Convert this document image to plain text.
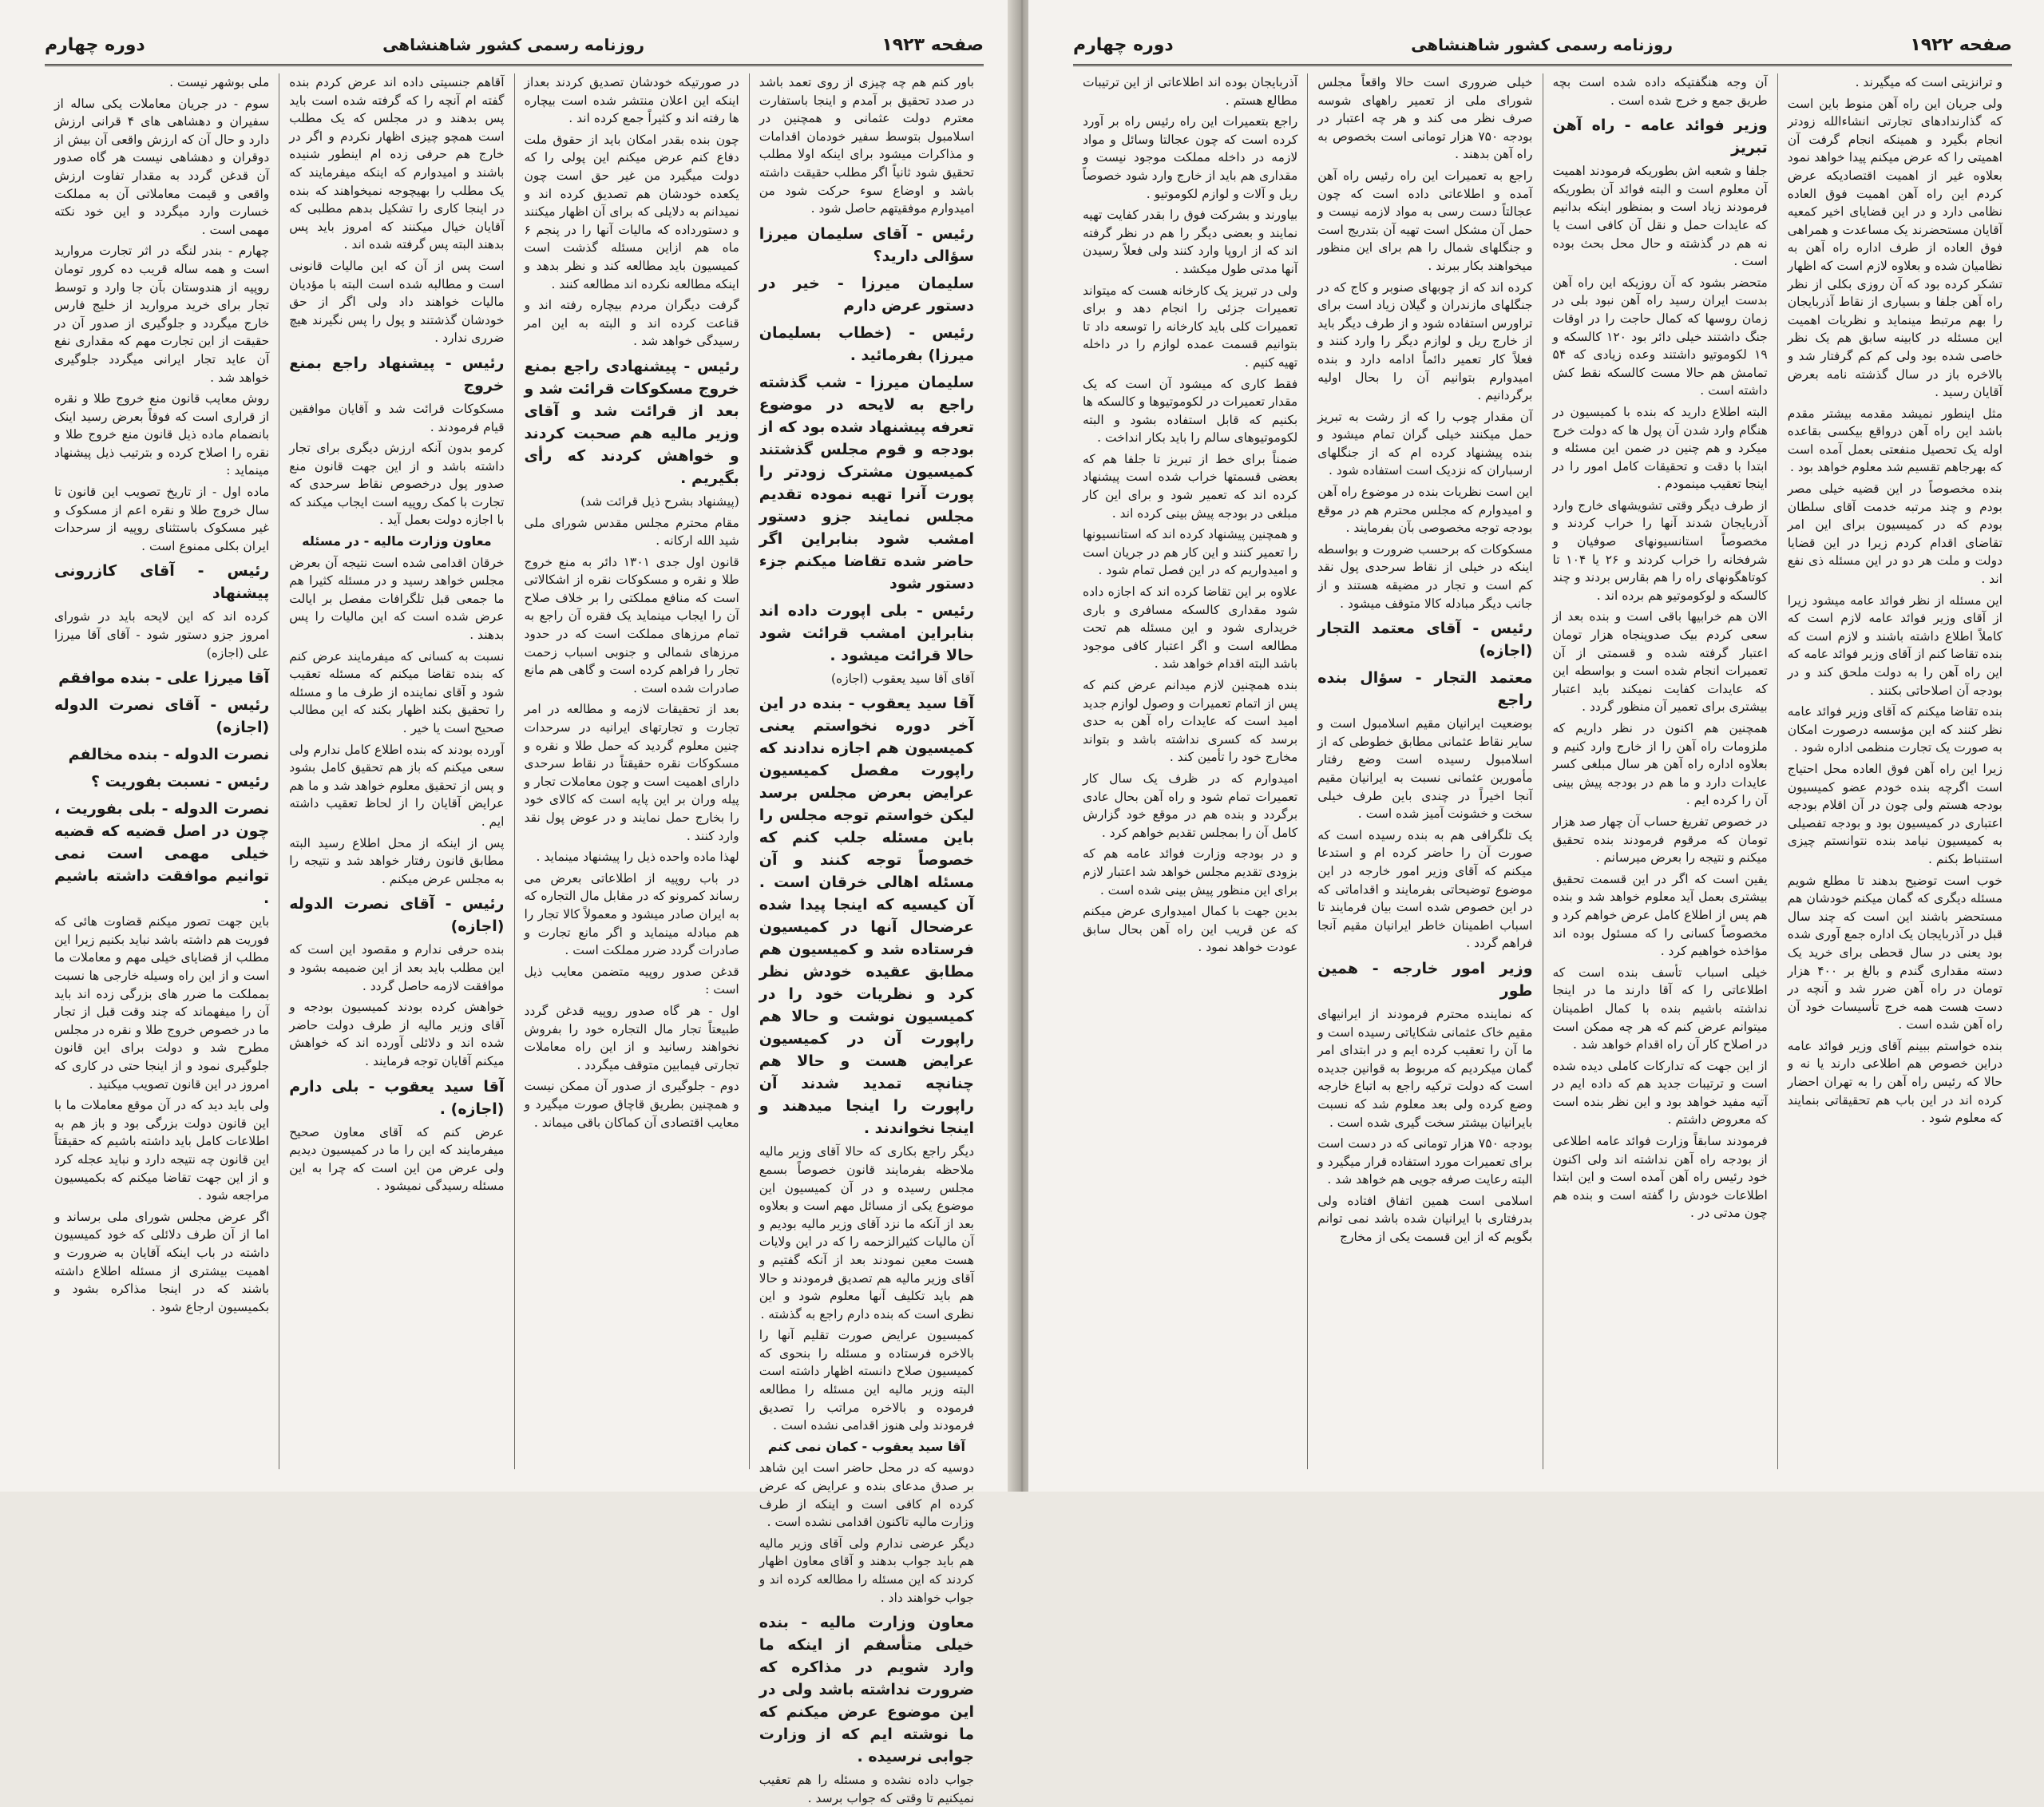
صفحه ۱۹۲۳
روزنامه رسمی کشور شاهنشاهی
دوره چهارم

باور کنم هم چه چیزی از روی تعمد باشد در صدد تحقیق بر آمدم و اینجا باستفارت معترم دولت عثمانی و همچنین در اسلامبول بتوسط سفیر خودمان اقدامات و مذاکرات میشود برای اینکه اولا مطلب تحقیق شود ثانیاً اگر مطلب حقیقت داشته باشد و اوضاع سوء حرکت شود من امیدوارم موفقیتهم حاصل شود .

رئیس - آقای سلیمان میرزا سؤالی دارید؟
سلیمان میرزا - خیر در دستور عرض دارم
رئیس - (خطاب بسلیمان میرزا) بفرمائید .
سلیمان میرزا - شب گذشته راجع به لایحه در موضوع تعرفه پیشنهاد شده بود که از بودجه و قوم مجلس گذشتند کمیسیون مشترک زودتر را پورت آنرا تهیه نموده تقدیم مجلس نمایند جزو دستور امشب شود بنابراین اگر حاضر شده تقاضا میکنم جزء دستور شود
رئیس - بلی اپورت داده اند بنابراین امشب قرائت شود حالا قرائت میشود .

آقای آقا سید یعقوب (اجازه)

آقا سید یعقوب - بنده در این آخر دوره نخواستم یعنی کمیسیون هم اجازه ندادند که راپورت مفصل کمیسیون عرایض بعرض مجلس برسد لیکن خواستم توجه مجلس را باین مسئله جلب کنم که خصوصاً توجه کنند و آن مسئله اهالی خرقان است . آن کیسیه که اینجا پیدا شده عرضحال آنها در کمیسیون فرستاده شد و کمیسیون هم مطابق عقیده خودش نظر کرد و نظریات خود را در کمیسیون نوشت و حالا هم راپورت آن در کمیسیون عرایض هست و حالا هم چنانچه تمدید شدند آن راپورت را اینجا میدهند و اینجا نخواندند .

دیگر راجع بکاری که حالا آقای وزیر مالیه ملاحظه بفرمایند قانون خصوصاً بسمع مجلس رسیده و در آن کمیسیون این موضوع یکی از مسائل مهم است و بعلاوه بعد از آنکه ما نزد آقای وزیر مالیه بودیم و آن مالیات کثیرالزحمه را که در این ولایات هست معین نمودند بعد از آنکه گفتیم و آقای وزیر مالیه هم تصدیق فرمودند و حالا هم باید تکلیف آنها معلوم شود و این نظری است که بنده دارم راجع به گذشته .

کمیسیون عرایض صورت تقلیم آنها را بالاخره فرستاده و مسئله را بنحوی که کمیسیون صلاح دانسته اظهار داشته است البته وزیر مالیه این مسئله را مطالعه فرموده و بالاخره مراتب را تصدیق فرمودند ولی هنوز اقدامی نشده است .

آقا سید یعقوب - کمان نمی کنم

دوسیه که در محل حاضر است این شاهد بر صدق مدعای بنده و عرایض که عرض کرده ام کافی است و اینکه از طرف وزارت مالیه تاکنون اقدامی نشده است .

دیگر عرضی ندارم ولی آقای وزیر مالیه هم باید جواب بدهند و آقای معاون اظهار کردند که این مسئله را مطالعه کرده اند و جواب خواهند داد .

معاون وزارت مالیه - بنده خیلی متأسفم از اینکه ما وارد شویم در مذاکره که ضرورت نداشته باشد ولی در این موضوع عرض میکنم که ما نوشته ایم که از وزارت جوابی نرسیده .

جواب داده نشده و مسئله را هم تعقیب نمیکنیم تا وقتی که جواب برسد .

در صورتیکه خودشان تصدیق کردند بعداز اینکه این اعلان منتشر شده است بیچاره ها رفته اند و کثیراً جمع کرده اند .

چون بنده بقدر امکان باید از حقوق ملت دفاع کنم عرض میکنم این پولی را که دولت میگیرد من غیر حق است چون یکعده خودشان هم تصدیق کرده اند و نمیدانم به دلایلی که برای آن اظهار میکنند و دستورداده که مالیات آنها را در پنجم ۶ ماه هم ازاین مسئله گذشت است کمیسیون باید مطالعه کند و نظر بدهد و اینکه مطالعه نکرده اند مطالعه کنند .

گرفت دیگران مردم بیچاره رفته اند و قناعت کرده اند و البته به این امر رسیدگی خواهد شد .

رئیس - پیشنهادی راجع بمنع خروج مسکوکات قرائت شد و بعد از قرائت شد و آقای وزیر مالیه هم صحبت کردند و خواهش کردند که رأی بگیریم .

(پیشنهاد بشرح ذیل قرائت شد)

مقام محترم مجلس مقدس شورای ملی شید الله ارکانه .

قانون اول جدی ۱۳۰۱ دائر به منع خروج طلا و نقره و مسکوکات نقره از اشکالاتی است که منافع مملکتی را بر خلاف صلاح آن را ایجاب مینماید یک فقره آن راجع به تمام مرزهای مملکت است که در حدود مرزهای شمالی و جنوبی اسباب زحمت تجار را فراهم کرده است و گاهی هم مانع صادرات شده است .

بعد از تحقیقات لازمه و مطالعه در امر تجارت و تجارتهای ایرانیه در سرحدات چنین معلوم گردید که حمل طلا و نقره و مسکوکات نقره حقیقتاً در نقاط سرحدی دارای اهمیت است و چون معاملات تجار و پیله وران بر این پایه است که کالای خود را بخارج حمل نمایند و در عوض پول نقد وارد کنند .

لهذا ماده واحده ذیل را پیشنهاد مینماید .

در باب روپیه از اطلاعاتی بعرض می رساند کمرونو که در مقابل مال التجاره که به ایران صادر میشود و معمولاً کالا تجار را هم مبادله مینماید و اگر مانع تجارت و صادرات گردد ضرر مملکت است .

قدغن صدور روپیه متضمن معایب ذیل است :

اول - هر گاه صدور روپیه قدغن گردد طبیعتاً تجار مال التجاره خود را بفروش نخواهند رسانید و از این راه معاملات تجارتی فیمابین متوقف میگردد .

دوم - جلوگیری از صدور آن ممکن نیست و همچنین بطریق قاچاق صورت میگیرد و معایب اقتصادی آن کماکان باقی میماند .

آقاهم جنسیتی داده اند عرض کردم بنده گفته ام آنچه را که گرفته شده است باید پس بدهند و در مجلس که یک مطلب است همچو چیزی اظهار نکردم و اگر در خارج هم حرفی زده ام اینطور شنیده باشند و امیدوارم که اینکه میفرمایند که یک مطلب را بهیچوجه نمیخواهند که بنده در اینجا کاری را تشکیل بدهم مطلبی که آقایان خیال میکنند که امروز باید پس بدهند البته پس گرفته شده اند .

است پس از آن که این مالیات قانونی است و مطالبه شده است البته با مؤدیان مالیات خواهند داد ولی اگر از حق خودشان گذشتند و پول را پس نگیرند هیچ ضرری ندارد .

رئیس - پیشنهاد راجع بمنع خروج

مسکوکات قرائت شد و آقایان موافقین قیام فرمودند .

کرمو بدون آنکه ارزش دیگری برای تجار داشته باشد و از این جهت قانون منع صدور پول درخصوص نقاط سرحدی که تجارت با کمک روپیه است ایجاب میکند که با اجازه دولت بعمل آید .

معاون وزارت مالیه - در مسئله

خرقان اقدامی شده است نتیجه آن بعرض مجلس خواهد رسید و در مسئله کثیرا هم ما جمعی قبل تلگرافات مفصل بر ایالت عرض شده است که این مالیات را پس بدهند .

نسبت به کسانی که میفرمایند عرض کنم که بنده تقاضا میکنم که مسئله تعقیب شود و آقای نماینده از طرف ما و مسئله را تحقیق بکند اظهار بکند که این مطالب صحیح است یا خیر .

آورده بودند که بنده اطلاع کامل ندارم ولی سعی میکنم که باز هم تحقیق کامل بشود و پس از تحقیق معلوم خواهد شد و ما هم عرایض آقایان را از لحاظ تعقیب داشته ایم .

پس از اینکه از محل اطلاع رسید البته مطابق قانون رفتار خواهد شد و نتیجه را به مجلس عرض میکنم .

رئیس - آقای نصرت الدوله (اجازه)

بنده حرفی ندارم و مقصود این است که این مطلب باید بعد از این ضمیمه بشود و موافقت لازمه حاصل گردد .

خواهش کرده بودند کمیسیون بودجه و آقای وزیر مالیه از طرف دولت حاضر شده اند و دلائلی آورده اند که خواهش میکنم آقایان توجه فرمایند .

آقا سید یعقوب - بلی دارم (اجازه) .

عرض کنم که آقای معاون صحیح میفرمایند که این را ما در کمیسیون دیدیم ولی عرض من این است که چرا به این مسئله رسیدگی نمیشود .

ملی بوشهر نیست .

سوم - در جریان معاملات یکی ساله از سفیران و دهشاهی های ۴ قرانی ارزش دارد و حال آن که ارزش واقعی آن بیش از دوقران و دهشاهی نیست هر گاه صدور آن قدغن گردد به مقدار تفاوت ارزش واقعی و قیمت معاملاتی آن به مملکت خسارت وارد میگردد و این خود نکته مهمی است .

چهارم - بندر لنگه در اثر تجارت مروارید است و همه ساله قریب ده کرور تومان روپیه از هندوستان بآن جا وارد و توسط تجار برای خرید مروارید از خلیج فارس خارج میگردد و جلوگیری از صدور آن در حقیقت از این تجارت مهم که مقداری نفع آن عاید تجار ایرانی میگردد جلوگیری خواهد شد .

روش معایب قانون منع خروج طلا و نقره از قراری است که فوقاً بعرض رسید اینک بانضمام ماده ذیل قانون منع خروج طلا و نقره را اصلاح کرده و بترتیب ذیل پیشنهاد مینماید :

ماده اول - از تاریخ تصویب این قانون تا سال خروج طلا و نقره اعم از مسکوک و غیر مسکوک باستثنای روپیه از سرحدات ایران بکلی ممنوع است .

رئیس - آقای کازرونی پیشنهاد

کرده اند که این لایحه باید در شورای امروز جزو دستور شود - آقای آقا میرزا علی (اجازه)

آقا میرزا علی - بنده موافقم
رئیس - آقای نصرت الدوله (اجازه)
نصرت الدوله - بنده مخالفم
رئیس - نسبت بفوریت ؟
نصرت الدوله - بلی بفوریت ، چون در اصل قضیه که قضیه خیلی مهمی است نمی توانیم موافقت داشته باشیم .

باین جهت تصور میکنم قضاوت هائی که فوریت هم داشته باشد نباید بکنیم زیرا این مطلب از قضایای خیلی مهم و معاملات ما است و از این راه وسیله خارجی ها نسبت بمملکت ما ضرر های بزرگی زده اند باید آن را میفهماند که چند وقت قبل از تجار ما در خصوص خروج طلا و نقره در مجلس مطرح شد و دولت برای این قانون جلوگیری نمود و از اینجا حتی در کاری که امروز در این قانون تصویب میکنید .

ولی باید دید که در آن موقع معاملات ما با این قانون دولت بزرگی بود و باز هم به اطلاعات کامل باید داشته باشیم که حقیقتاً این قانون چه نتیجه دارد و نباید عجله کرد و از این جهت تقاضا میکنم که بکمیسیون مراجعه شود .

اگر عرض مجلس شورای ملی برساند و اما از آن طرف دلائلی که خود کمیسیون داشته در باب اینکه آقایان به ضرورت و اهمیت بیشتری از مسئله اطلاع داشته باشند که در اینجا مذاکره بشود و بکمیسیون ارجاع شود .

صفحه ۱۹۲۲
روزنامه رسمی کشور شاهنشاهی
دوره چهارم

و ترانزیتی است که میگیرند .

ولی جریان این راه آهن منوط باین است که گذارندادهای تجارتی انشاءالله زودتر انجام بگیرد و همینکه انجام گرفت آن اهمیتی را که عرض میکنم پیدا خواهد نمود بعلاوه غیر از اهمیت اقتصادیکه عرض کردم این راه آهن اهمیت فوق العاده نظامی دارد و در این قضایای اخیر کمعیه آقایان مستحضرند یک مساعدت و همراهی فوق العاده از طرف اداره راه آهن به نظامیان شده و بعلاوه لازم است که اظهار تشکر کرده بود که آن روزی بکلی از نظر راه آهن جلفا و بسیاری از نقاط آذربایجان را بهم مرتبط مینماید و نظریات اهمیت این مسئله در کابینه سابق هم یک نظر خاصی شده بود ولی کم کم گرفتار شد و بالاخره باز در سال گذشته نامه بعرض آقایان رسید .

مثل اینطور نمیشد مقدمه بیشتر مقدم باشد این راه آهن درواقع بیکسی بقاعده اوله یک تحصیل منفعتی بعمل آمده است که بهرجاهم تقسیم شد معلوم خواهد بود .

بنده مخصوصاً در این قضیه خیلی مصر بودم و چند مرتبه خدمت آقای سلطان بودم که در کمیسیون برای این امر تقاضای اقدام کردم زیرا در این قضایا دولت و ملت هر دو در این مسئله ذی نفع اند .

این مسئله از نظر فوائد عامه میشود زیرا از آقای وزیر فوائد عامه لازم است که کاملاً اطلاع داشته باشند و لازم است که بنده تقاضا کنم از آقای وزیر فوائد عامه که این راه آهن را به دولت ملحق کند و در بودجه آن اصلاحاتی بکنند .

بنده تقاضا میکنم که آقای وزیر فوائد عامه نظر کنند که این مؤسسه درصورت امکان به صورت یک تجارت منظمی اداره شود .

زیرا این راه آهن فوق العاده محل احتیاج است اگرچه بنده خودم عضو کمیسیون بودجه هستم ولی چون در آن اقلام بودجه اعتباری در کمیسیون بود و بودجه تفصیلی به کمیسیون نیامد بنده نتوانستم چیزی استنباط بکنم .

خوب است توضیح بدهند تا مطلع شویم مسئله دیگری که گمان میکنم خودشان هم مستحضر باشند این است که چند سال قبل در آذربایجان یک اداره جمع آوری شده بود یعنی در سال قحطی برای خرید یک دسته مقداری گندم و بالغ بر ۴۰۰ هزار تومان در راه آهن ضرر شد و آنچه در دست هست همه خرج تأسیسات خود آن راه آهن شده است .

بنده خواستم ببینم آقای وزیر فوائد عامه دراین خصوص هم اطلاعی دارند یا نه و حالا که رئیس راه آهن را به تهران احضار کرده اند در این باب هم تحقیقاتی بنمایند که معلوم شود .

آن وجه هنگفتیکه داده شده است بچه طریق جمع و خرج شده است .

وزیر فوائد عامه - راه آهن تبریز

جلفا و شعبه اش بطوریکه فرمودند اهمیت آن معلوم است و البته فوائد آن بطوریکه فرمودند زیاد است و بمنظور اینکه بدانیم که عایدات حمل و نقل آن کافی است یا نه هم در گذشته و حال محل بحث بوده است .

متحضر بشود که آن روزیکه این راه آهن بدست ایران رسید راه آهن نبود بلی در زمان روسها که کمال حاجت را در اوقات جنگ داشتند خیلی دائر بود ۱۲۰ کالسکه و ۱۹ لکوموتیو داشتند وعده زیادی که ۵۴ تمامش هم حالا مست کالسکه نقط کش داشته است .

البته اطلاع دارید که بنده با کمیسیون در هنگام وارد شدن آن پول ها که دولت خرج میکرد و هم چنین در ضمن این مسئله و ابتدا با دقت و تحقیقات کامل امور را در اینجا تعقیب مینمودم .

از طرف دیگر وقتی تشویشهای خارج وارد آذربایجان شدند آنها را خراب کردند و مخصوصاً استانسیونهای صوفیان و شرفخانه را خراب کردند و ۲۶ یا ۱۰۴ تا کوتاهگونهای راه را هم بقارس بردند و چند کالسکه و لوکوموتیو هم برده اند .

الان هم خرابیها باقی است و بنده بعد از سعی کردم بیک صدوپنجاه هزار تومان اعتبار گرفته شده و قسمتی از آن تعمیرات انجام شده است و بواسطه این که عایدات کفایت نمیکند باید اعتبار بیشتری برای تعمیر آن منظور گردد .

همچنین هم اکنون در نظر داریم که ملزومات راه آهن را از خارج وارد کنیم و بعلاوه اداره راه آهن هر سال مبلغی کسر عایدات دارد و ما هم در بودجه پیش بینی آن را کرده ایم .

در خصوص تفریغ حساب آن چهار صد هزار تومان که مرقوم فرمودند بنده تحقیق میکنم و نتیجه را بعرض میرسانم .

یقین است که اگر در این قسمت تحقیق بیشتری بعمل آید معلوم خواهد شد و بنده هم پس از اطلاع کامل عرض خواهم کرد و مخصوصاً کسانی را که مسئول بوده اند مؤاخذه خواهیم کرد .

خیلی اسباب تأسف بنده است که اطلاعاتی را که آقا دارند ما در اینجا نداشته باشیم بنده با کمال اطمینان میتوانم عرض کنم که هر چه ممکن است در اصلاح کار آن راه اقدام خواهد شد .

از این جهت که تدارکات کاملی دیده شده است و ترتیبات جدید هم که داده ایم در آتیه مفید خواهد بود و این نظر بنده است که معروض داشتم .

فرمودند سابقاً وزارت فوائد عامه اطلاعی از بودجه راه آهن نداشته اند ولی اکنون خود رئیس راه آهن آمده است و این ابتدا اطلاعات خودش را گفته است و بنده هم چون مدتی در .

خیلی ضروری است حالا واقعاً مجلس شورای ملی از تعمیر راههای شوسه صرف نظر می کند و هر چه اعتبار در بودجه ۷۵۰ هزار تومانی است بخصوص به راه آهن بدهند .

راجع به تعمیرات این راه رئیس راه آهن آمده و اطلاعاتی داده است که چون عجالتاً دست رسی به مواد لازمه نیست و حمل آن مشکل است تهیه آن بتدریج است و جنگلهای شمال را هم برای این منظور میخواهند بکار ببرند .

کرده اند که از چوبهای صنوبر و کاج که در جنگلهای مازندران و گیلان زیاد است برای تراورس استفاده شود و از طرف دیگر باید از خارج ریل و لوازم دیگر را وارد کنند و فعلاً کار تعمیر دائماً ادامه دارد و بنده امیدوارم بتوانیم آن را بحال اولیه برگردانیم .

آن مقدار چوب را که از رشت به تبریز حمل میکنند خیلی گران تمام میشود و بنده پیشنهاد کرده ام که از جنگلهای ارسباران که نزدیک است استفاده شود .

این است نظریات بنده در موضوع راه آهن و امیدوارم که مجلس محترم هم در موقع بودجه توجه مخصوصی بآن بفرمایند .

مسکوکات که برحسب ضرورت و بواسطه اینکه در خیلی از نقاط سرحدی پول نقد کم است و تجار در مضیقه هستند و از جانب دیگر مبادله کالا متوقف میشود .

رئیس - آقای معتمد التجار (اجازه)
معتمد التجار - سؤال بنده راجع

بوضعیت ایرانیان مقیم اسلامبول است و سایر نقاط عثمانی مطابق خطوطی که از اسلامبول رسیده است وضع رفتار مأمورین عثمانی نسبت به ایرانیان مقیم آنجا اخیراً در چندی باین طرف خیلی سخت و خشونت آمیز شده است .

یک تلگرافی هم به بنده رسیده است که صورت آن را حاضر کرده ام و استدعا میکنم که آقای وزیر امور خارجه در این موضوع توضیحاتی بفرمایند و اقداماتی که در این خصوص شده است بیان فرمایند تا اسباب اطمینان خاطر ایرانیان مقیم آنجا فراهم گردد .

وزیر امور خارجه - همین طور

که نماینده محترم فرمودند از ایرانیهای مقیم خاک عثمانی شکایاتی رسیده است و ما آن را تعقیب کرده ایم و در ابتدای امر گمان میکردیم که مربوط به قوانین جدیده است که دولت ترکیه راجع به اتباع خارجه وضع کرده ولی بعد معلوم شد که نسبت بایرانیان بیشتر سخت گیری شده است .

بودجه ۷۵۰ هزار تومانی که در دست است برای تعمیرات مورد استفاده قرار میگیرد و البته رعایت صرفه جویی هم خواهد شد .

اسلامی است همین اتفاق افتاده ولی بدرفتاری با ایرانیان شده باشد نمی توانم بگویم که از این قسمت یکی از مخارج

آذربایجان بوده اند اطلاعاتی از این ترتیبات مطالع هستم .

راجع بتعمیرات این راه رئیس راه بر آورد کرده است که چون عجالتا وسائل و مواد لازمه در داخله مملکت موجود نیست و مقداری هم باید از خارج وارد شود خصوصاً ریل و آلات و لوازم لکوموتیو .

بیاورند و بشرکت فوق را بقدر کفایت تهیه نمایند و بعضی دیگر را هم در نظر گرفته اند که از اروپا وارد کنند ولی فعلاً رسیدن آنها مدتی طول میکشد .

ولی در تبریز یک کارخانه هست که میتواند تعمیرات جزئی را انجام دهد و برای تعمیرات کلی باید کارخانه را توسعه داد تا بتوانیم قسمت عمده لوازم را در داخله تهیه کنیم .

فقط کاری که میشود آن است که یک مقدار تعمیرات در لکوموتیوها و کالسکه ها بکنیم که قابل استفاده بشود و البته لکوموتیوهای سالم را باید بکار انداخت .

ضمناً برای خط از تبریز تا جلفا هم که بعضی قسمتها خراب شده است پیشنهاد کرده اند که تعمیر شود و برای این کار مبلغی در بودجه پیش بینی کرده اند .

و همچنین پیشنهاد کرده اند که استانسیونها را تعمیر کنند و این کار هم در جریان است و امیدواریم که در این فصل تمام شود .

علاوه بر این تقاضا کرده اند که اجازه داده شود مقداری کالسکه مسافری و باری خریداری شود و این مسئله هم تحت مطالعه است و اگر اعتبار کافی موجود باشد البته اقدام خواهد شد .

بنده همچنین لازم میدانم عرض کنم که پس از اتمام تعمیرات و وصول لوازم جدید امید است که عایدات راه آهن به حدی برسد که کسری نداشته باشد و بتواند مخارج خود را تأمین کند .

امیدوارم که در ظرف یک سال کار تعمیرات تمام شود و راه آهن بحال عادی برگردد و بنده هم در موقع خود گزارش کامل آن را بمجلس تقدیم خواهم کرد .

و در بودجه وزارت فوائد عامه هم که بزودی تقدیم مجلس خواهد شد اعتبار لازم برای این منظور پیش بینی شده است .

بدین جهت با کمال امیدواری عرض میکنم که عن قریب این راه آهن بحال سابق عودت خواهد نمود .
